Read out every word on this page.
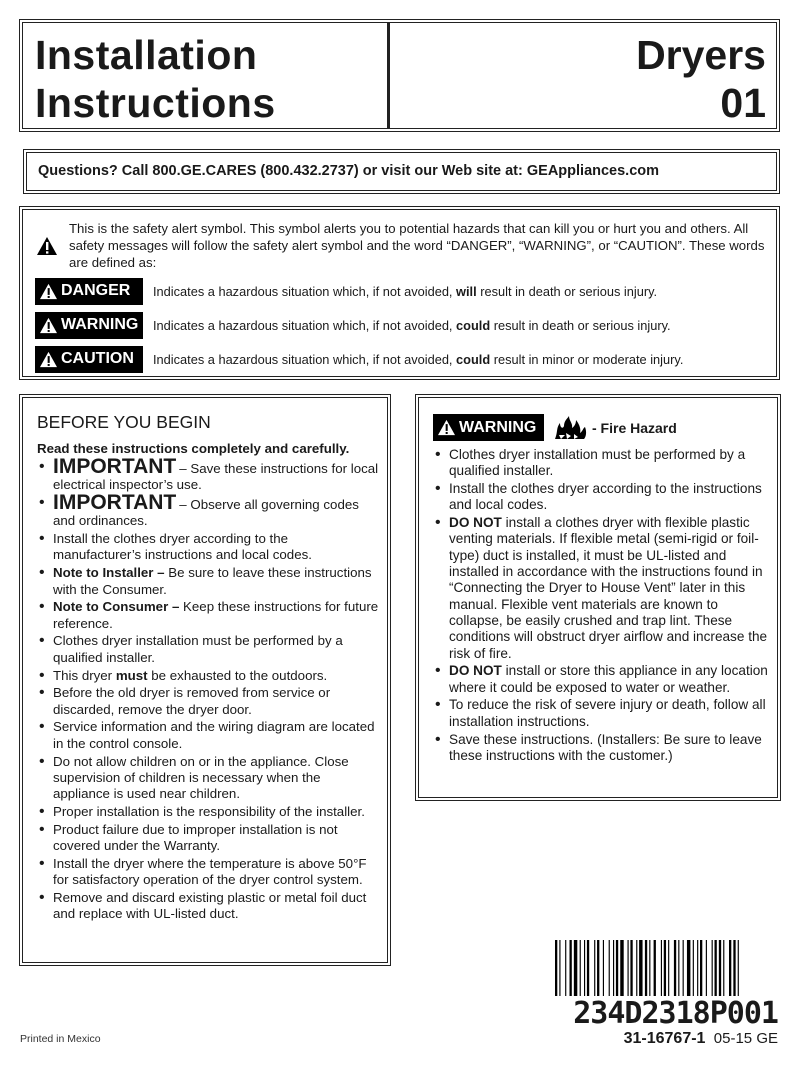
Installation
Instructions
Dryers
01
Questions? Call 800.GE.CARES (800.432.2737) or visit our Web site at: GEAppliances.com

This is the safety alert symbol. This symbol alerts you to potential hazards that can kill you or hurt you and others. All safety messages will follow the safety alert symbol and the word “DANGER”, “WARNING”, or “CAUTION”. These words are defined as:

DANGER Indicates a hazardous situation which, if not avoided, will result in death or serious injury.
WARNING Indicates a hazardous situation which, if not avoided, could result in death or serious injury.
CAUTION Indicates a hazardous situation which, if not avoided, could result in minor or moderate injury.
BEFORE YOU BEGIN
Read these instructions completely and carefully.
• IMPORTANT – Save these instructions for local electrical inspector’s use.
• IMPORTANT – Observe all governing codes and ordinances.
• Install the clothes dryer according to the manufacturer’s instructions and local codes.
• Note to Installer – Be sure to leave these instructions with the Consumer.
• Note to Consumer – Keep these instructions for future reference.
• Clothes dryer installation must be performed by a qualified installer.
• This dryer must be exhausted to the outdoors.
• Before the old dryer is removed from service or discarded, remove the dryer door.
• Service information and the wiring diagram are located in the control console.
• Do not allow children on or in the appliance. Close supervision of children is necessary when the appliance is used near children.
• Proper installation is the responsibility of the installer.
• Product failure due to improper installation is not covered under the Warranty.
• Install the dryer where the temperature is above 50°F for satisfactory operation of the dryer control system.
• Remove and discard existing plastic or metal foil duct and replace with UL-listed duct.
WARNING	- Fire Hazard
• Clothes dryer installation must be performed by a qualified installer.
• Install the clothes dryer according to the instructions and local codes.
• DO NOT install a clothes dryer with flexible plastic venting materials. If flexible metal (semi-rigid or foil-type) duct is installed, it must be UL-listed and installed in accordance with the instructions found in “Connecting the Dryer to House Vent” later in this manual. Flexible vent materials are known to collapse, be easily crushed and trap lint. These conditions will obstruct dryer airflow and increase the risk of fire.
• DO NOT install or store this appliance in any location where it could be exposed to water or weather.
• To reduce the risk of severe injury or death, follow all installation instructions.
• Save these instructions. (Installers: Be sure to leave these instructions with the customer.)
Printed in Mexico
234D2318P001
31-16767-1 05-15 GE
